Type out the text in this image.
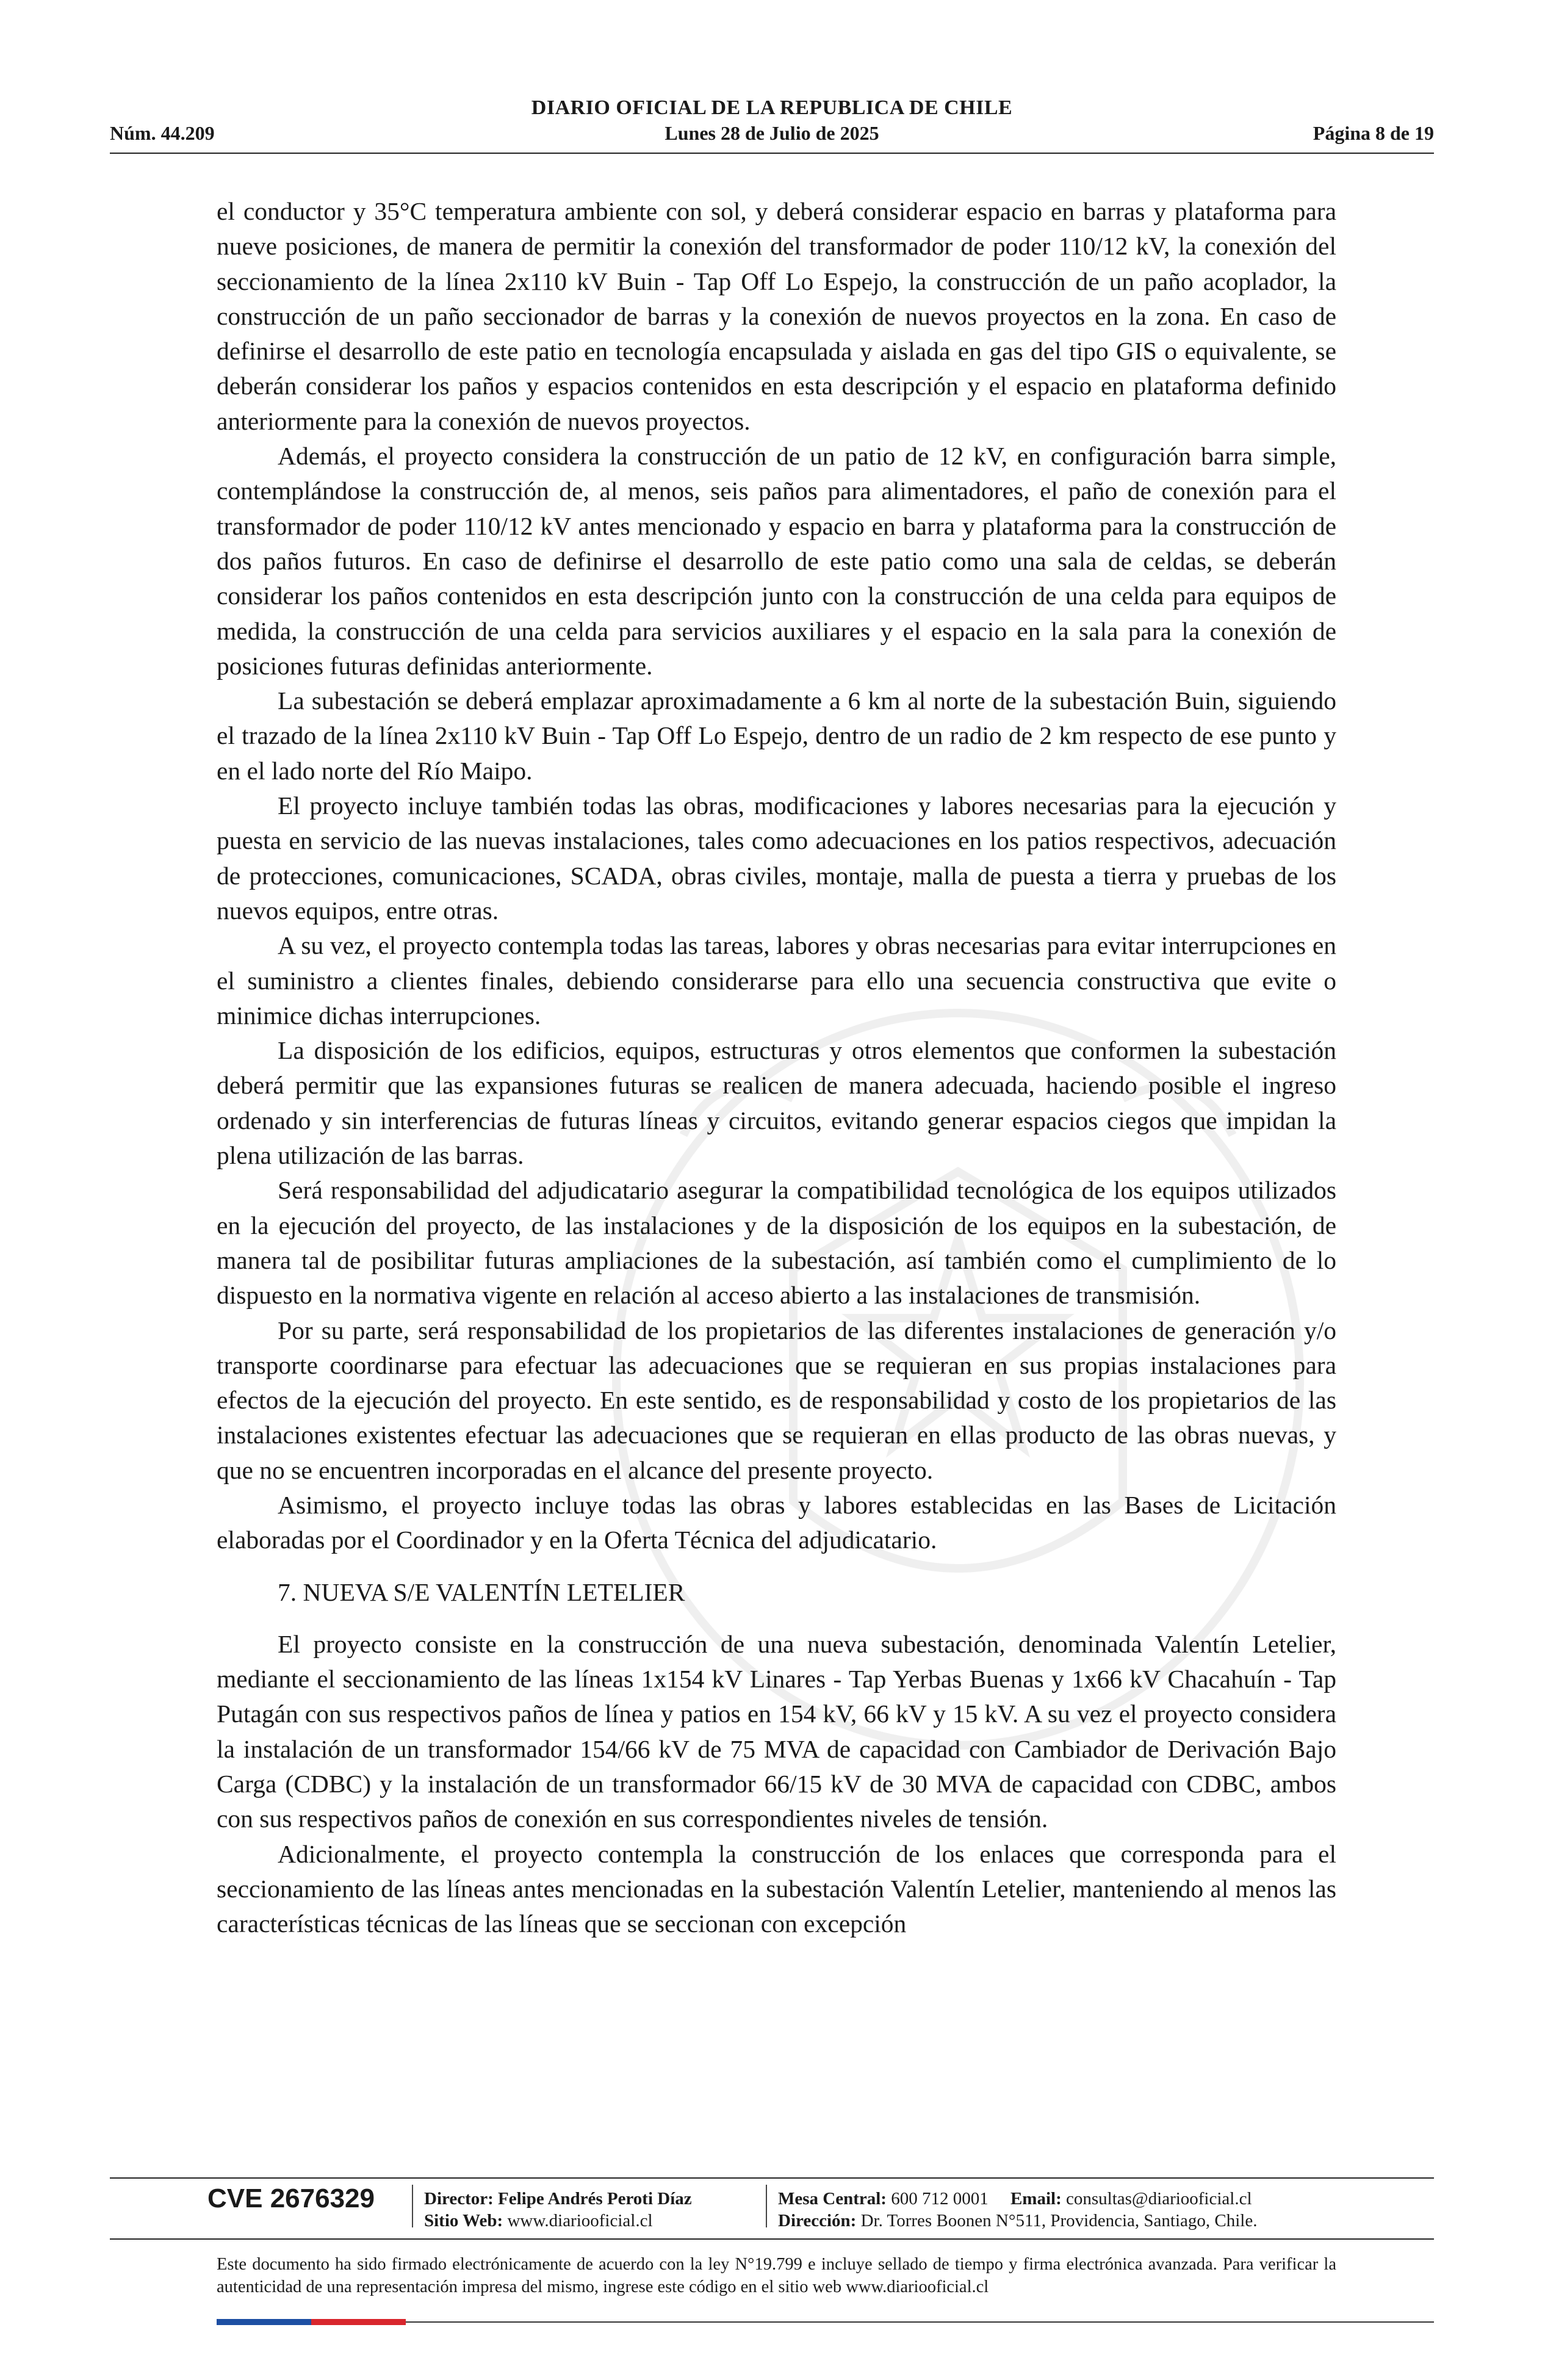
DIARIO OFICIAL DE LA REPUBLICA DE CHILE
Núm. 44.209	Lunes 28 de Julio de 2025	Página 8 de 19

el conductor y 35°C temperatura ambiente con sol, y deberá considerar espacio en barras y plataforma para nueve posiciones, de manera de permitir la conexión del transformador de poder 110/12 kV, la conexión del seccionamiento de la línea 2x110 kV Buin - Tap Off Lo Espejo, la construcción de un paño acoplador, la construcción de un paño seccionador de barras y la conexión de nuevos proyectos en la zona. En caso de definirse el desarrollo de este patio en tecnología encapsulada y aislada en gas del tipo GIS o equivalente, se deberán considerar los paños y espacios contenidos en esta descripción y el espacio en plataforma definido anteriormente para la conexión de nuevos proyectos.

Además, el proyecto considera la construcción de un patio de 12 kV, en configuración barra simple, contemplándose la construcción de, al menos, seis paños para alimentadores, el paño de conexión para el transformador de poder 110/12 kV antes mencionado y espacio en barra y plataforma para la construcción de dos paños futuros. En caso de definirse el desarrollo de este patio como una sala de celdas, se deberán considerar los paños contenidos en esta descripción junto con la construcción de una celda para equipos de medida, la construcción de una celda para servicios auxiliares y el espacio en la sala para la conexión de posiciones futuras definidas anteriormente.

La subestación se deberá emplazar aproximadamente a 6 km al norte de la subestación Buin, siguiendo el trazado de la línea 2x110 kV Buin - Tap Off Lo Espejo, dentro de un radio de 2 km respecto de ese punto y en el lado norte del Río Maipo.

El proyecto incluye también todas las obras, modificaciones y labores necesarias para la ejecución y puesta en servicio de las nuevas instalaciones, tales como adecuaciones en los patios respectivos, adecuación de protecciones, comunicaciones, SCADA, obras civiles, montaje, malla de puesta a tierra y pruebas de los nuevos equipos, entre otras.

A su vez, el proyecto contempla todas las tareas, labores y obras necesarias para evitar interrupciones en el suministro a clientes finales, debiendo considerarse para ello una secuencia constructiva que evite o minimice dichas interrupciones.

La disposición de los edificios, equipos, estructuras y otros elementos que conformen la subestación deberá permitir que las expansiones futuras se realicen de manera adecuada, haciendo posible el ingreso ordenado y sin interferencias de futuras líneas y circuitos, evitando generar espacios ciegos que impidan la plena utilización de las barras.

Será responsabilidad del adjudicatario asegurar la compatibilidad tecnológica de los equipos utilizados en la ejecución del proyecto, de las instalaciones y de la disposición de los equipos en la subestación, de manera tal de posibilitar futuras ampliaciones de la subestación, así también como el cumplimiento de lo dispuesto en la normativa vigente en relación al acceso abierto a las instalaciones de transmisión.

Por su parte, será responsabilidad de los propietarios de las diferentes instalaciones de generación y/o transporte coordinarse para efectuar las adecuaciones que se requieran en sus propias instalaciones para efectos de la ejecución del proyecto. En este sentido, es de responsabilidad y costo de los propietarios de las instalaciones existentes efectuar las adecuaciones que se requieran en ellas producto de las obras nuevas, y que no se encuentren incorporadas en el alcance del presente proyecto.

Asimismo, el proyecto incluye todas las obras y labores establecidas en las Bases de Licitación elaboradas por el Coordinador y en la Oferta Técnica del adjudicatario.

7. NUEVA S/E VALENTÍN LETELIER

El proyecto consiste en la construcción de una nueva subestación, denominada Valentín Letelier, mediante el seccionamiento de las líneas 1x154 kV Linares - Tap Yerbas Buenas y 1x66 kV Chacahuín - Tap Putagán con sus respectivos paños de línea y patios en 154 kV, 66 kV y 15 kV. A su vez el proyecto considera la instalación de un transformador 154/66 kV de 75 MVA de capacidad con Cambiador de Derivación Bajo Carga (CDBC) y la instalación de un transformador 66/15 kV de 30 MVA de capacidad con CDBC, ambos con sus respectivos paños de conexión en sus correspondientes niveles de tensión.

Adicionalmente, el proyecto contempla la construcción de los enlaces que corresponda para el seccionamiento de las líneas antes mencionadas en la subestación Valentín Letelier, manteniendo al menos las características técnicas de las líneas que se seccionan con excepción

CVE 2676329	Director: Felipe Andrés Peroti Díaz
Sitio Web: www.diariooficial.cl
Mesa Central: 600 712 0001 Email: consultas@diariooficial.cl
Dirección: Dr. Torres Boonen N°511, Providencia, Santiago, Chile.
Este documento ha sido firmado electrónicamente de acuerdo con la ley N°19.799 e incluye sellado de tiempo y firma electrónica avanzada. Para verificar la autenticidad de una representación impresa del mismo, ingrese este código en el sitio web www.diariooficial.cl
